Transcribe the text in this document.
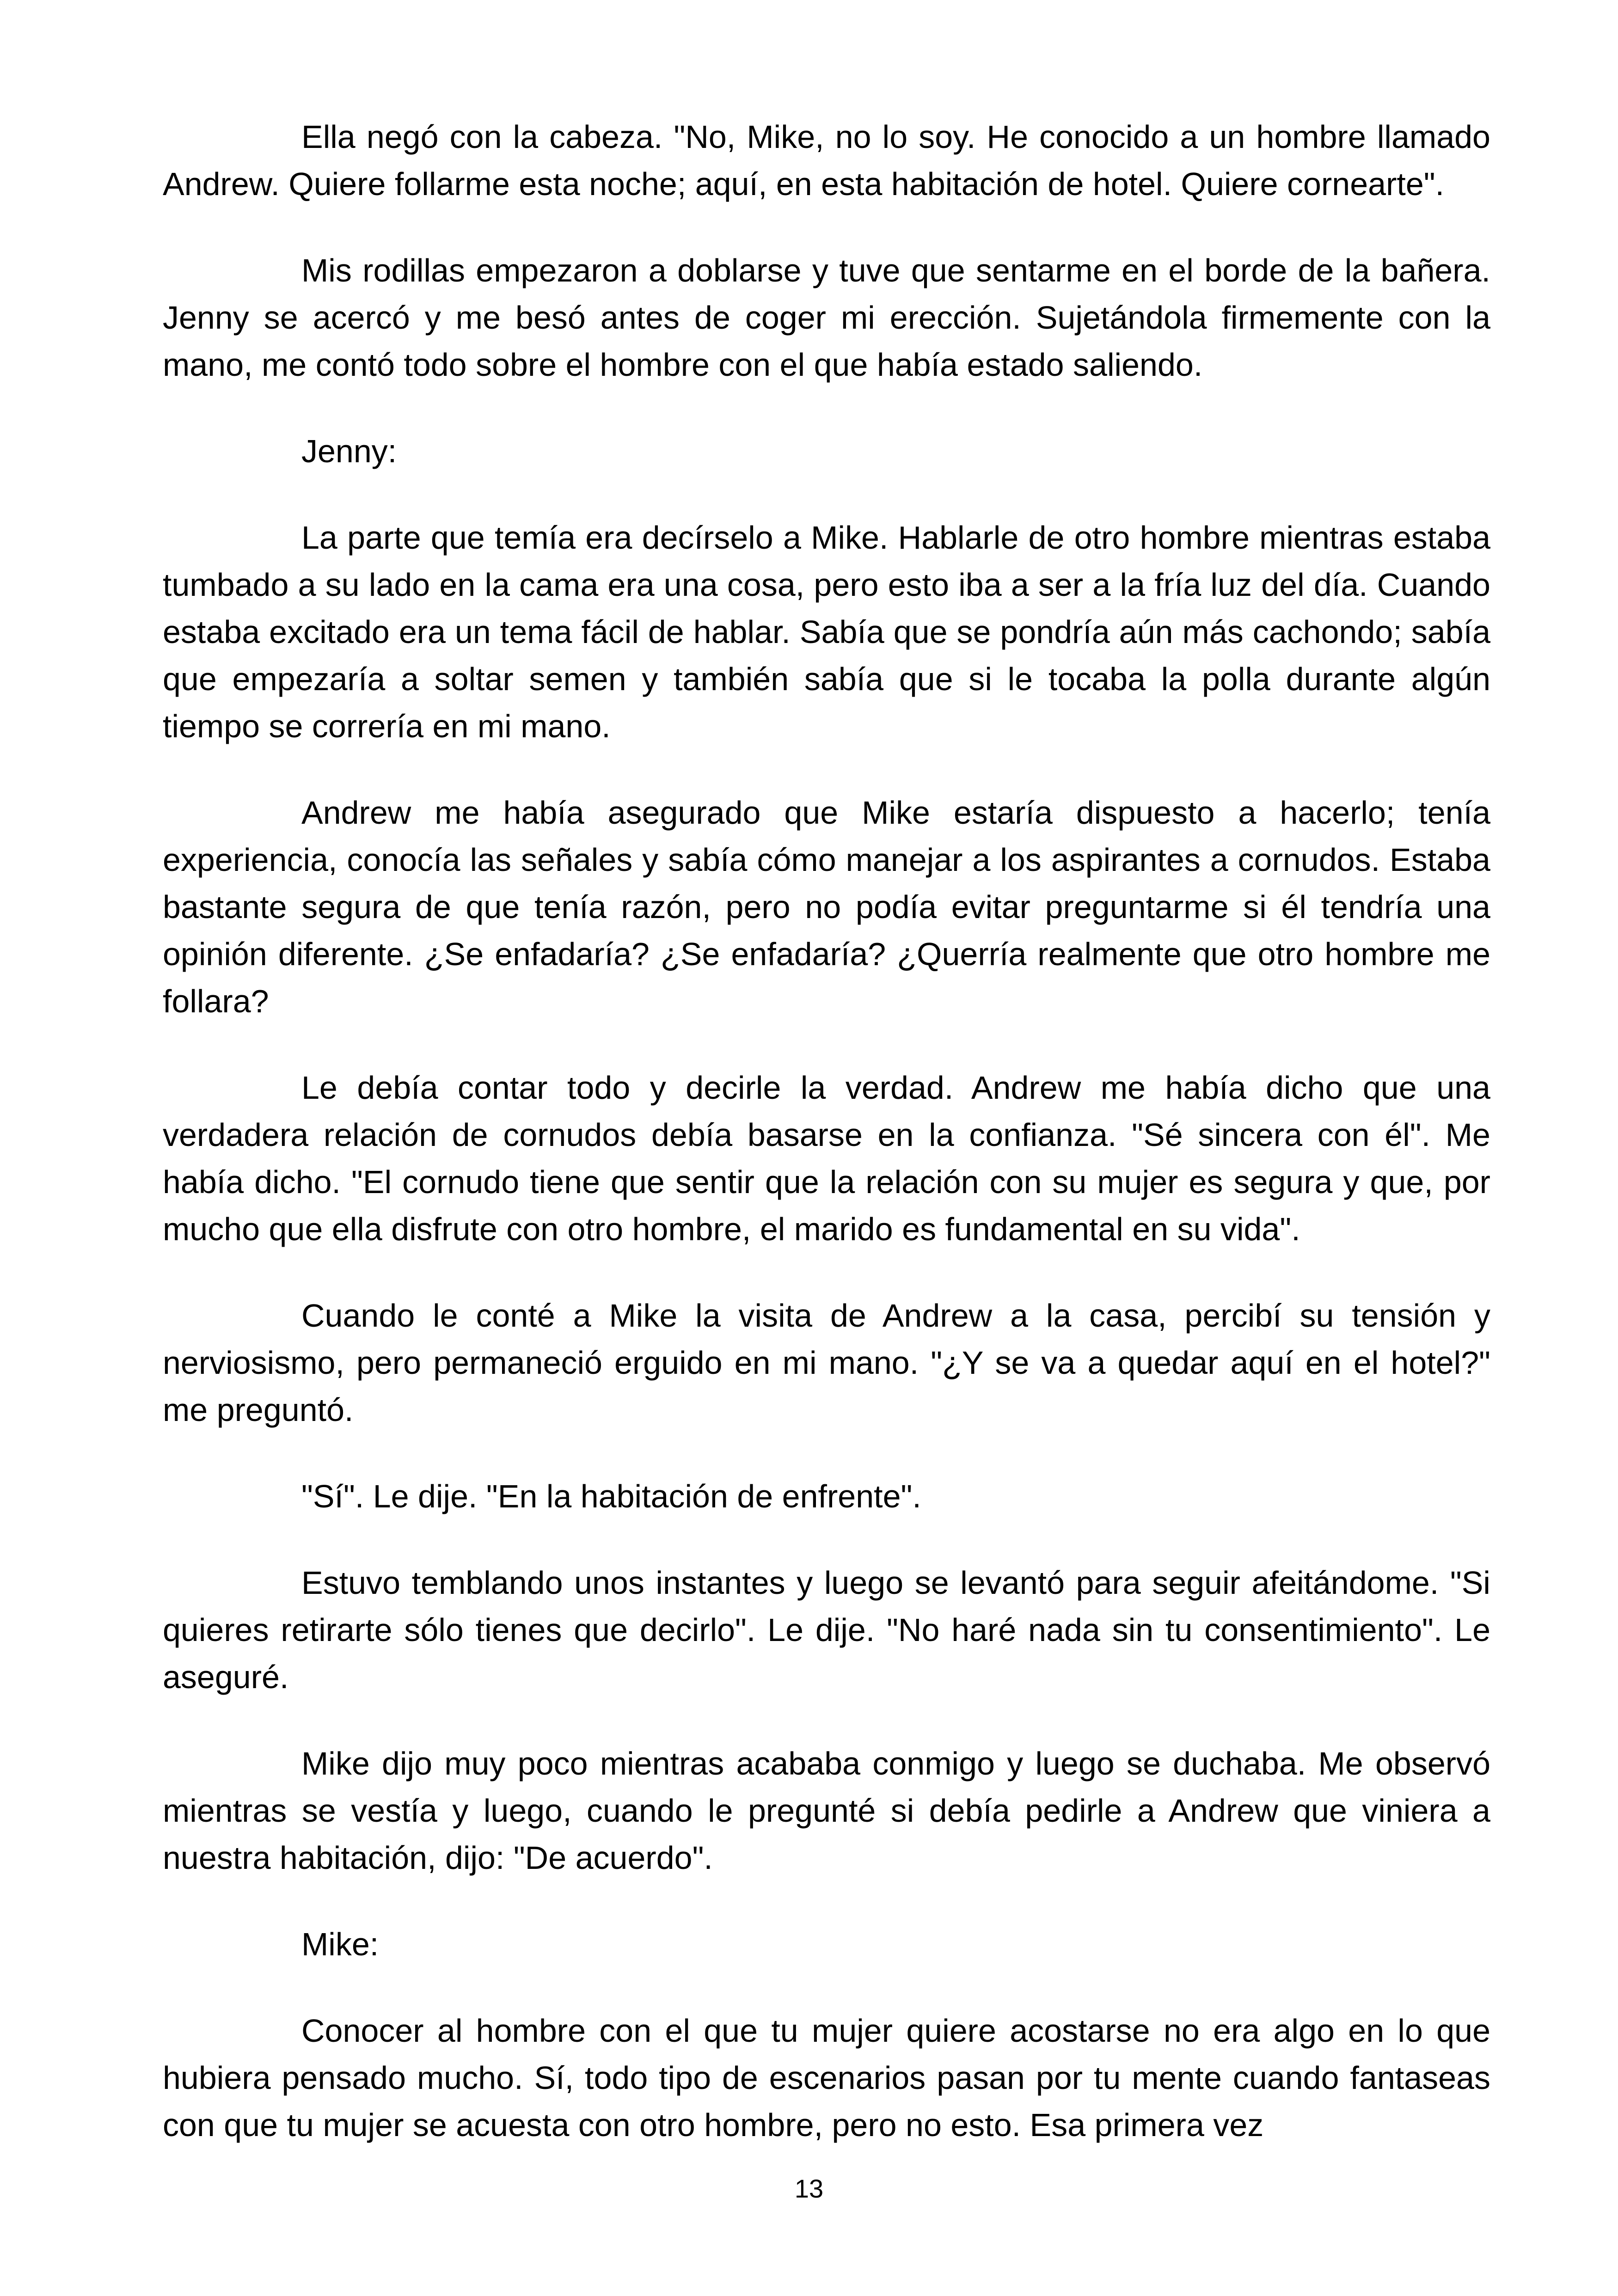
Ella negó con la cabeza. "No, Mike, no lo soy. He conocido a un hombre llamado Andrew. Quiere follarme esta noche; aquí, en esta habitación de hotel. Quiere cornearte".

Mis rodillas empezaron a doblarse y tuve que sentarme en el borde de la bañera. Jenny se acercó y me besó antes de coger mi erección. Sujetándola firmemente con la mano, me contó todo sobre el hombre con el que había estado saliendo.

Jenny:

La parte que temía era decírselo a Mike. Hablarle de otro hombre mientras estaba tumbado a su lado en la cama era una cosa, pero esto iba a ser a la fría luz del día. Cuando estaba excitado era un tema fácil de hablar. Sabía que se pondría aún más cachondo; sabía que empezaría a soltar semen y también sabía que si le tocaba la polla durante algún tiempo se correría en mi mano.

Andrew me había asegurado que Mike estaría dispuesto a hacerlo; tenía experiencia, conocía las señales y sabía cómo manejar a los aspirantes a cornudos. Estaba bastante segura de que tenía razón, pero no podía evitar preguntarme si él tendría una opinión diferente. ¿Se enfadaría? ¿Se enfadaría? ¿Querría realmente que otro hombre me follara?

Le debía contar todo y decirle la verdad. Andrew me había dicho que una verdadera relación de cornudos debía basarse en la confianza. "Sé sincera con él". Me había dicho. "El cornudo tiene que sentir que la relación con su mujer es segura y que, por mucho que ella disfrute con otro hombre, el marido es fundamental en su vida".

Cuando le conté a Mike la visita de Andrew a la casa, percibí su tensión y nerviosismo, pero permaneció erguido en mi mano. "¿Y se va a quedar aquí en el hotel?" me preguntó.

"Sí". Le dije. "En la habitación de enfrente".

Estuvo temblando unos instantes y luego se levantó para seguir afeitándome. "Si quieres retirarte sólo tienes que decirlo". Le dije. "No haré nada sin tu consentimiento". Le aseguré.

Mike dijo muy poco mientras acababa conmigo y luego se duchaba. Me observó mientras se vestía y luego, cuando le pregunté si debía pedirle a Andrew que viniera a nuestra habitación, dijo: "De acuerdo".

Mike:

Conocer al hombre con el que tu mujer quiere acostarse no era algo en lo que hubiera pensado mucho. Sí, todo tipo de escenarios pasan por tu mente cuando fantaseas con que tu mujer se acuesta con otro hombre, pero no esto. Esa primera vez

13
